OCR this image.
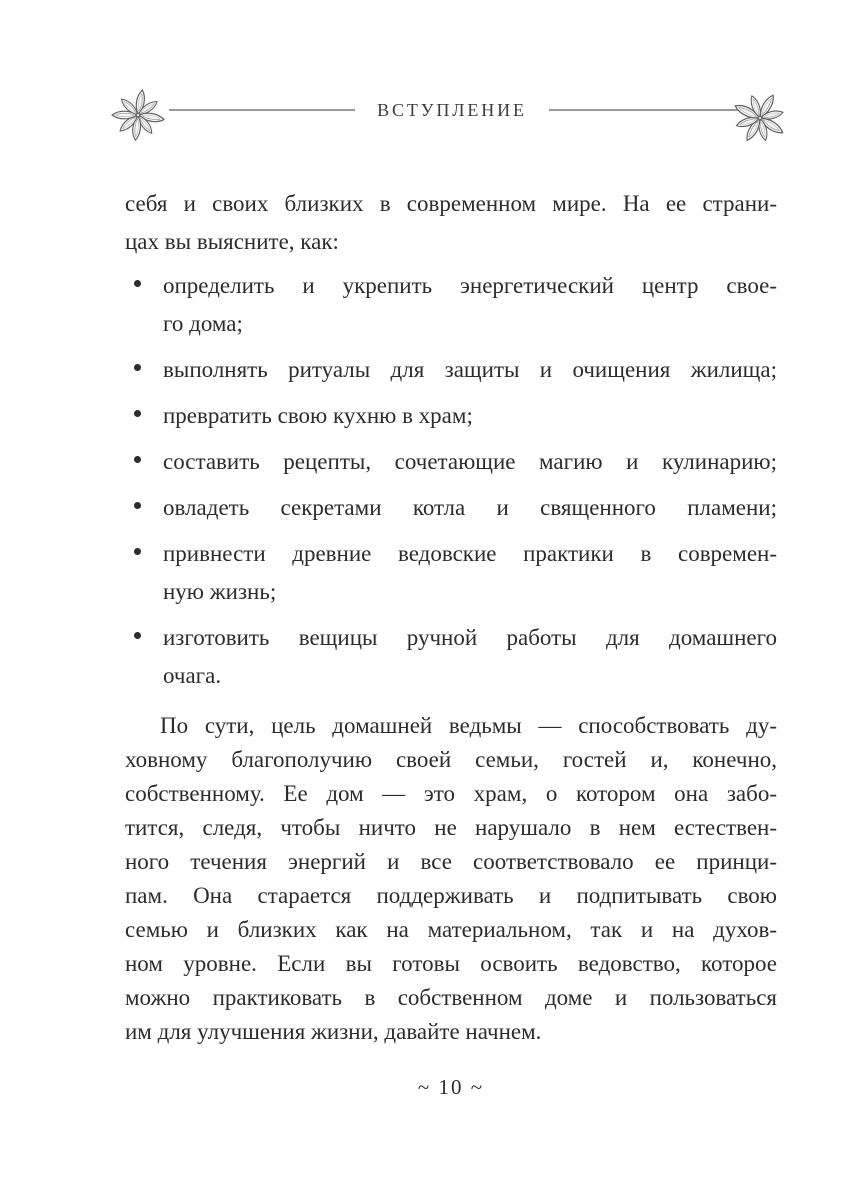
ВСТУПЛЕНИЕ
себя и своих близких в современном мире. На ее страни-
цах вы выясните, как:
определить и укрепить энергетический центр свое-
го дома;
выполнять ритуалы для защиты и очищения жилища;
превратить свою кухню в храм;
составить рецепты, сочетающие магию и кулинарию;
овладеть секретами котла и священного пламени;
привнести древние ведовские практики в современ-
ную жизнь;
изготовить вещицы ручной работы для домашнего
очага.
По сути, цель домашней ведьмы — способствовать ду-
ховному благополучию своей семьи, гостей и, конечно,
собственному. Ее дом — это храм, о котором она забо-
тится, следя, чтобы ничто не нарушало в нем естествен-
ного течения энергий и все соответствовало ее принци-
пам. Она старается поддерживать и подпитывать свою
семью и близких как на материальном, так и на духов-
ном уровне. Если вы готовы освоить ведовство, которое
можно практиковать в собственном доме и пользоваться
им для улучшения жизни, давайте начнем.
~ 10 ~
